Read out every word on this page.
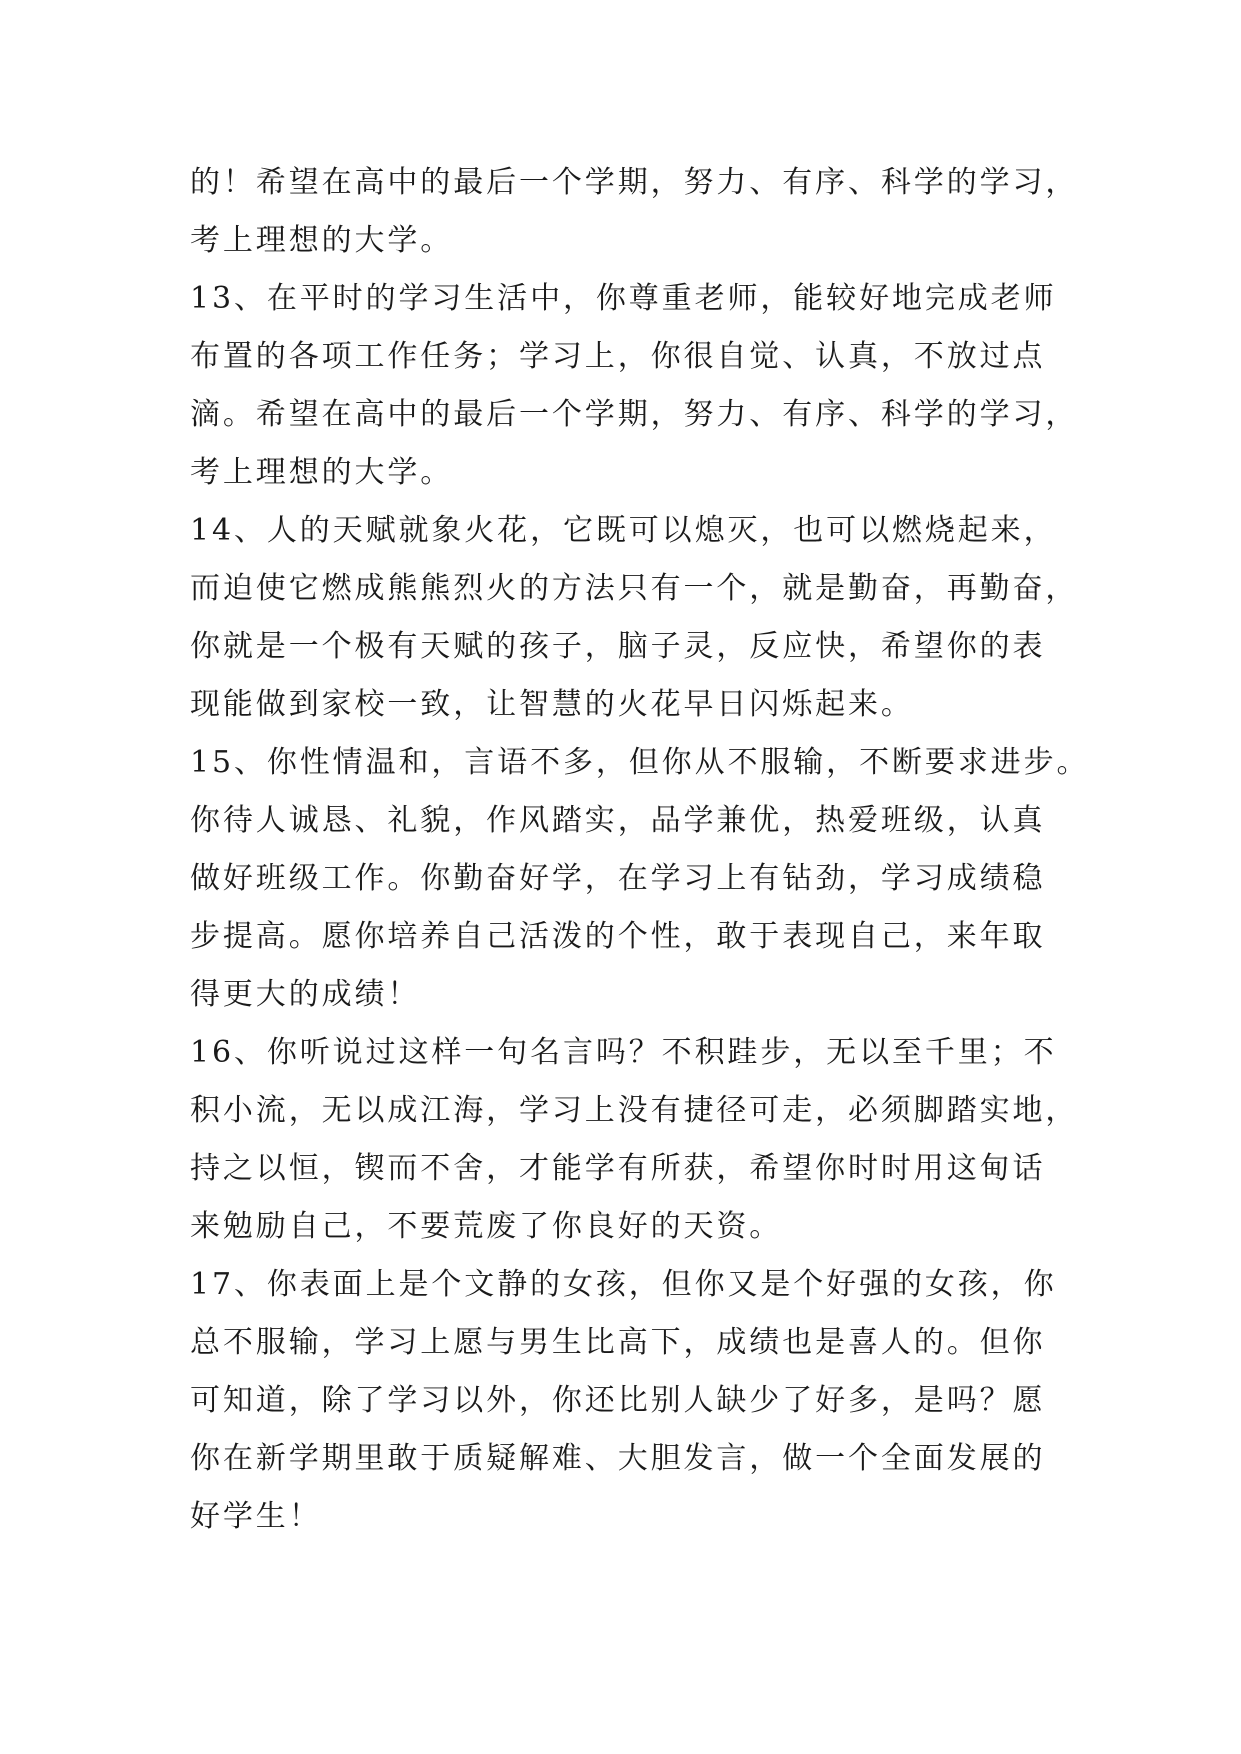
的！希望在高中的最后一个学期，努力、有序、科学的学习，
考上理想的大学。
13、在平时的学习生活中，你尊重老师，能较好地完成老师
布置的各项工作任务；学习上，你很自觉、认真，不放过点
滴。希望在高中的最后一个学期，努力、有序、科学的学习，
考上理想的大学。
14、人的天赋就象火花，它既可以熄灭，也可以燃烧起来，
而迫使它燃成熊熊烈火的方法只有一个，就是勤奋，再勤奋，
你就是一个极有天赋的孩子，脑子灵，反应快，希望你的表
现能做到家校一致，让智慧的火花早日闪烁起来。
15、你性情温和，言语不多，但你从不服输，不断要求进步。
你待人诚恳、礼貌，作风踏实，品学兼优，热爱班级，认真
做好班级工作。你勤奋好学，在学习上有钻劲，学习成绩稳
步提高。愿你培养自己活泼的个性，敢于表现自己，来年取
得更大的成绩！
16、你听说过这样一句名言吗？不积跬步，无以至千里；不
积小流，无以成江海，学习上没有捷径可走，必须脚踏实地，
持之以恒，锲而不舍，才能学有所获，希望你时时用这甸话
来勉励自己，不要荒废了你良好的天资。
17、你表面上是个文静的女孩，但你又是个好强的女孩，你
总不服输，学习上愿与男生比高下，成绩也是喜人的。但你
可知道，除了学习以外，你还比别人缺少了好多，是吗？愿
你在新学期里敢于质疑解难、大胆发言，做一个全面发展的
好学生！
